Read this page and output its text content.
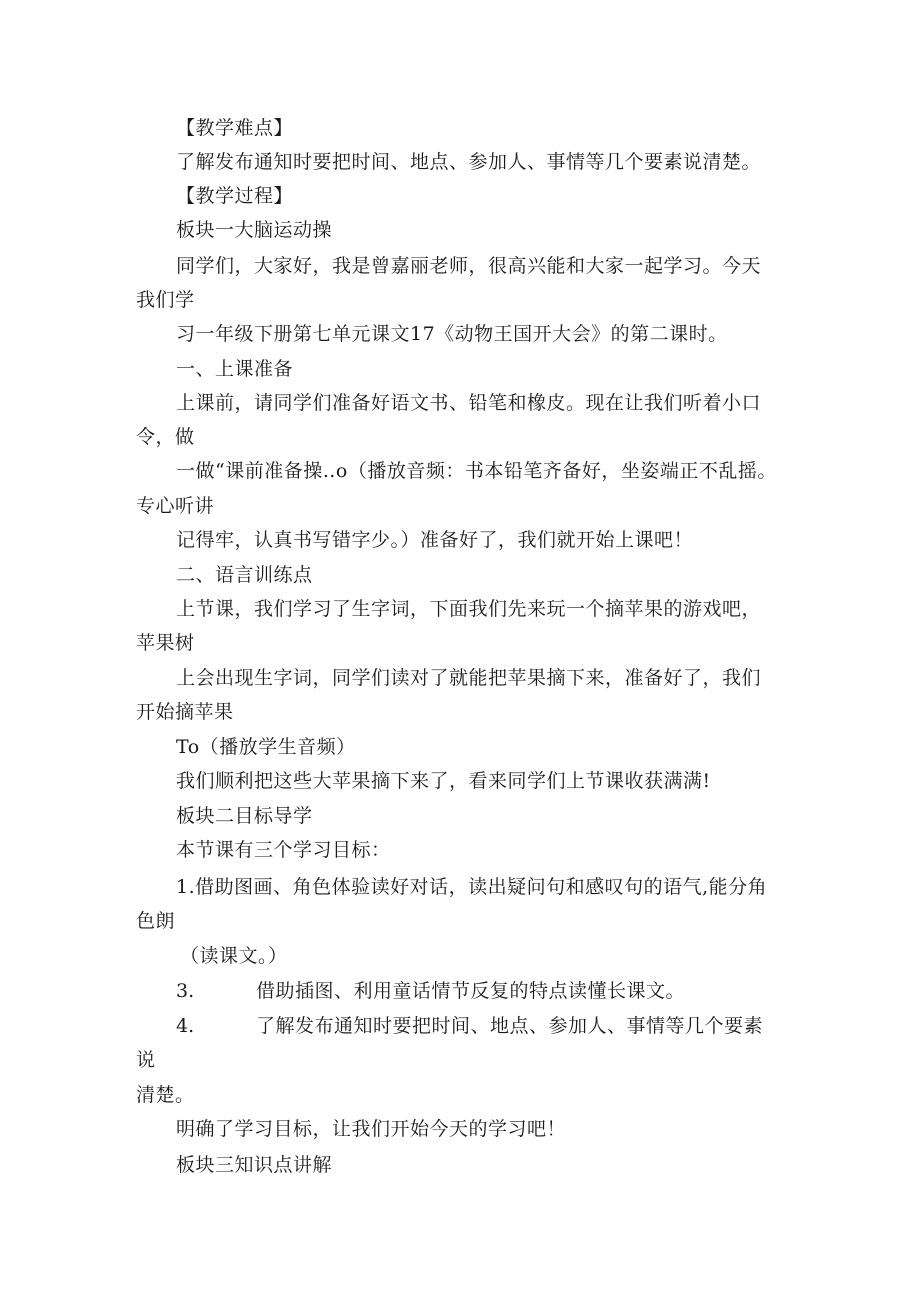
【教学难点】
了解发布通知时要把时间、地点、参加人、事情等几个要素说清楚。
【教学过程】
板块一大脑运动操
同学们，大家好，我是曾嘉丽老师，很高兴能和大家一起学习。今天
我们学
习一年级下册第七单元课文17《动物王国开大会》的第二课时。
一、上课准备
上课前，请同学们准备好语文书、铅笔和橡皮。现在让我们听着小口
令，做
一做“课前准备操‥o（播放音频：书本铅笔齐备好，坐姿端正不乱摇。
专心听讲
记得牢，认真书写错字少。）准备好了，我们就开始上课吧！
二、语言训练点
上节课，我们学习了生字词，下面我们先来玩一个摘苹果的游戏吧，
苹果树
上会出现生字词，同学们读对了就能把苹果摘下来，准备好了，我们
开始摘苹果
To（播放学生音频）
我们顺利把这些大苹果摘下来了，看来同学们上节课收获满满!
板块二目标导学
本节课有三个学习目标：
1.借助图画、角色体验读好对话，读出疑问句和感叹句的语气,能分角
色朗
（读课文。）
3.	借助插图、利用童话情节反复的特点读懂长课文。
4.	了解发布通知时要把时间、地点、参加人、事情等几个要素
说
清楚。
明确了学习目标，让我们开始今天的学习吧！
板块三知识点讲解
